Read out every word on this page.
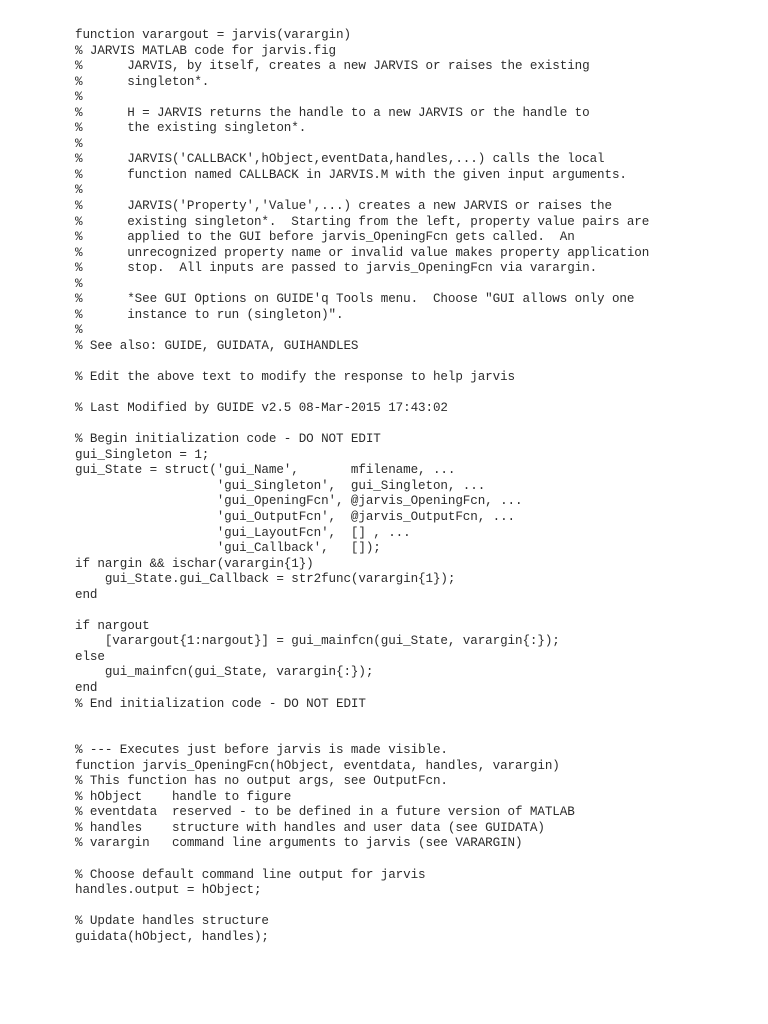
function varargout = jarvis(varargin)
% JARVIS MATLAB code for jarvis.fig
%      JARVIS, by itself, creates a new JARVIS or raises the existing
%      singleton*.
%
%      H = JARVIS returns the handle to a new JARVIS or the handle to
%      the existing singleton*.
%
%      JARVIS('CALLBACK',hObject,eventData,handles,...) calls the local
%      function named CALLBACK in JARVIS.M with the given input arguments.
%
%      JARVIS('Property','Value',...) creates a new JARVIS or raises the
%      existing singleton*.  Starting from the left, property value pairs are
%      applied to the GUI before jarvis_OpeningFcn gets called.  An
%      unrecognized property name or invalid value makes property application
%      stop.  All inputs are passed to jarvis_OpeningFcn via varargin.
%
%      *See GUI Options on GUIDE'q Tools menu.  Choose "GUI allows only one
%      instance to run (singleton)".
%
% See also: GUIDE, GUIDATA, GUIHANDLES
% Edit the above text to modify the response to help jarvis
% Last Modified by GUIDE v2.5 08-Mar-2015 17:43:02
% Begin initialization code - DO NOT EDIT
gui_Singleton = 1;
gui_State = struct('gui_Name',       mfilename, ...
'gui_Singleton',  gui_Singleton, ...
'gui_OpeningFcn', @jarvis_OpeningFcn, ...
'gui_OutputFcn',  @jarvis_OutputFcn, ...
'gui_LayoutFcn',  [] , ...
'gui_Callback',   []);
if nargin && ischar(varargin{1})
gui_State.gui_Callback = str2func(varargin{1});
end
if nargout
[varargout{1:nargout}] = gui_mainfcn(gui_State, varargin{:});
else
gui_mainfcn(gui_State, varargin{:});
end
% End initialization code - DO NOT EDIT
% --- Executes just before jarvis is made visible.
function jarvis_OpeningFcn(hObject, eventdata, handles, varargin)
% This function has no output args, see OutputFcn.
% hObject    handle to figure
% eventdata  reserved - to be defined in a future version of MATLAB
% handles    structure with handles and user data (see GUIDATA)
% varargin   command line arguments to jarvis (see VARARGIN)
% Choose default command line output for jarvis
handles.output = hObject;
% Update handles structure
guidata(hObject, handles);
